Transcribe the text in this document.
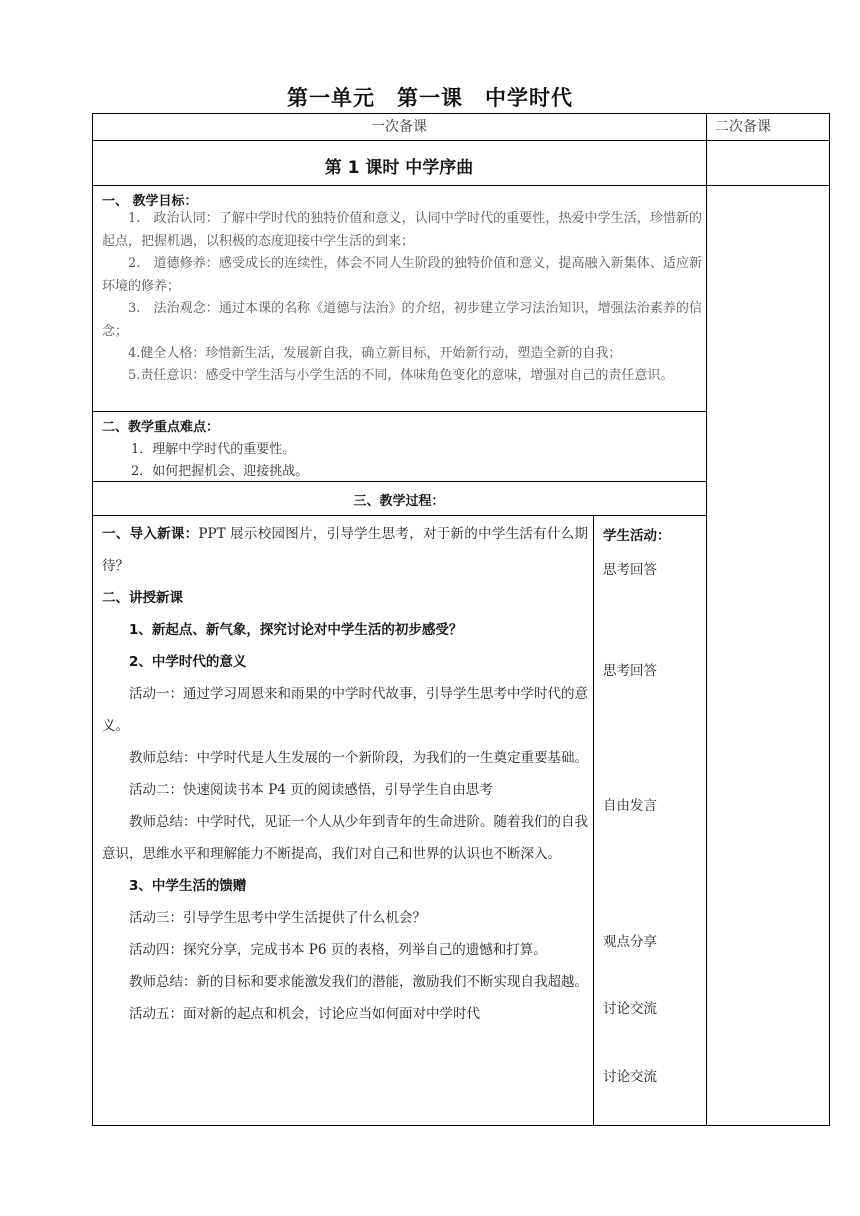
第一单元　第一课　中学时代
一次备课	二次备课
第 1 课时 中学序曲
一、 教学目标：
1.　政治认同：了解中学时代的独特价值和意义，认同中学时代的重要性，热爱中学生活，珍惜新的起点，把握机遇，以积极的态度迎接中学生活的到来；
2.　道德修养：感受成长的连续性，体会不同人生阶段的独特价值和意义，提高融入新集体、适应新环境的修养；
3.　法治观念：通过本课的名称《道德与法治》的介绍，初步建立学习法治知识，增强法治素养的信念；
4.健全人格：珍惜新生活，发展新自我，确立新目标，开始新行动，塑造全新的自我；
5.责任意识：感受中学生活与小学生活的不同，体味角色变化的意味，增强对自己的责任意识。
二、教学重点难点：
1．理解中学时代的重要性。
2．如何把握机会、迎接挑战。
三、教学过程：

一、导入新课：PPT 展示校园图片，引导学生思考，对于新的中学生活有什么期待？

二、讲授新课

1、新起点、新气象，探究讨论对中学生活的初步感受？

2、中学时代的意义

活动一：通过学习周恩来和雨果的中学时代故事，引导学生思考中学时代的意义。

教师总结：中学时代是人生发展的一个新阶段，为我们的一生奠定重要基础。

活动二：快速阅读书本 P4 页的阅读感悟，引导学生自由思考

教师总结：中学时代，见证一个人从少年到青年的生命进阶。随着我们的自我意识，思维水平和理解能力不断提高，我们对自己和世界的认识也不断深入。

3、中学生活的馈赠

活动三：引导学生思考中学生活提供了什么机会？

活动四：探究分享，完成书本 P6 页的表格，列举自己的遗憾和打算。

教师总结：新的目标和要求能激发我们的潜能，激励我们不断实现自我超越。

活动五：面对新的起点和机会，讨论应当如何面对中学时代

学生活动：
思考回答
思考回答
自由发言
观点分享
讨论交流
讨论交流
